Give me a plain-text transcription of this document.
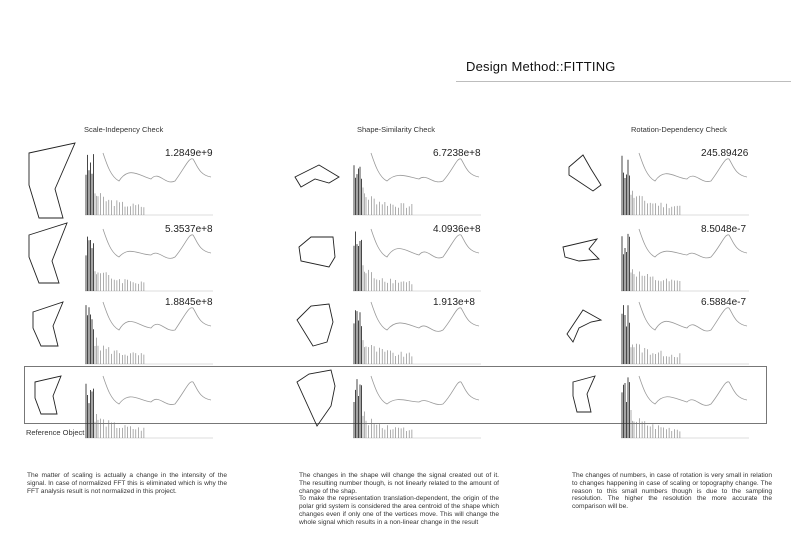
Design Method::FITTING
Scale-Indepency Check	Shape-Similarity Check	Rotation-Dependency Check
Reference Object
1.2849e+9
5.3537e+8
1.8845e+8
6.7238e+8
4.0936e+8
1.913e+8
245.89426
8.5048e-7
6.5884e-7
The matter of scaling is actually a change in the intensity of the signal. In case of normalized FFT this is eliminated which is why the FFT analysis result is not normalized in this project.
The changes in the shape will change the signal created out of it. The resulting number though, is not linearly related to the amount of change of the shap.
To make the representation translation-dependent, the origin of the polar grid system is considered the area centroid of the shape which changes even if only one of the vertices move. This will change the whole signal which results in a non-linear change in the result
The changes of numbers, in case of rotation is very small in relation to changes happening in case of scaling or topography change. The reason to this small numbers though is due to the sampling resolution. The higher the resolution the more accurate the comparison will be.
